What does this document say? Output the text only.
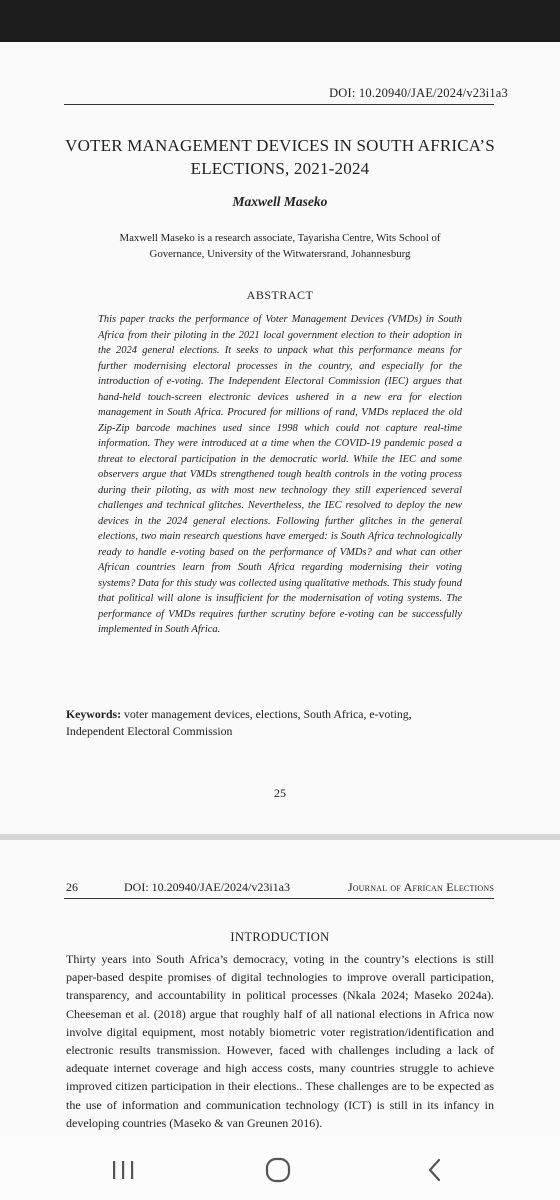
DOI: 10.20940/JAE/2024/v23i1a3
VOTER MANAGEMENT DEVICES IN SOUTH AFRICA’S ELECTIONS, 2021-2024
Maxwell Maseko
Maxwell Maseko is a research associate, Tayarisha Centre, Wits School of Governance, University of the Witwatersrand, Johannesburg
ABSTRACT
This paper tracks the performance of Voter Management Devices (VMDs) in South Africa from their piloting in the 2021 local government election to their adoption in the 2024 general elections. It seeks to unpack what this performance means for further modernising electoral processes in the country, and especially for the introduction of e-voting. The Independent Electoral Commission (IEC) argues that hand-held touch-screen electronic devices ushered in a new era for election management in South Africa. Procured for millions of rand, VMDs replaced the old Zip-Zip barcode machines used since 1998 which could not capture real-time information. They were introduced at a time when the COVID-19 pandemic posed a threat to electoral participation in the democratic world. While the IEC and some observers argue that VMDs strengthened tough health controls in the voting process during their piloting, as with most new technology they still experienced several challenges and technical glitches. Nevertheless, the IEC resolved to deploy the new devices in the 2024 general elections. Following further glitches in the general elections, two main research questions have emerged: is South Africa technologically ready to handle e-voting based on the performance of VMDs? and what can other African countries learn from South Africa regarding modernising their voting systems? Data for this study was collected using qualitative methods. This study found that political will alone is insufficient for the modernisation of voting systems. The performance of VMDs requires further scrutiny before e-voting can be successfully implemented in South Africa.
Keywords: voter management devices, elections, South Africa, e-voting, Independent Electoral Commission
25
26	DOI: 10.20940/JAE/2024/v23i1a3	Journal of African Elections
INTRODUCTION
Thirty years into South Africa’s democracy, voting in the country’s elections is still paper-based despite promises of digital technologies to improve overall participation, transparency, and accountability in political processes (Nkala 2024; Maseko 2024a). Cheeseman et al. (2018) argue that roughly half of all national elections in Africa now involve digital equipment, most notably biometric voter registration/identification and electronic results transmission. However, faced with challenges including a lack of adequate internet coverage and high access costs, many countries struggle to achieve improved citizen participation in their elections.. These challenges are to be expected as the use of information and communication technology (ICT) is still in its infancy in developing countries (Maseko & van Greunen 2016).
